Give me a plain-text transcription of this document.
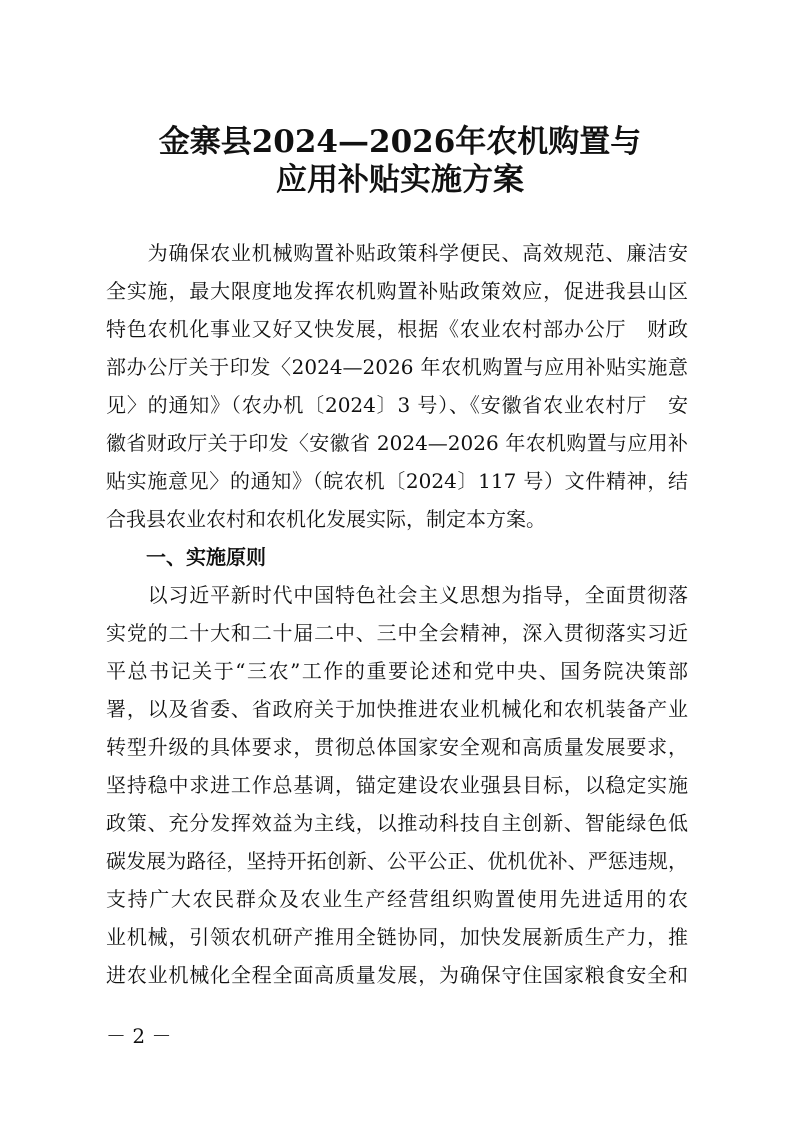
金寨县2024—2026年农机购置与
应用补贴实施方案
　　为确保农业机械购置补贴政策科学便民、高效规范、廉洁安
全实施，最大限度地发挥农机购置补贴政策效应，促进我县山区
特色农机化事业又好又快发展，根据《农业农村部办公厅　财政
部办公厅关于印发〈2024—2026 年农机购置与应用补贴实施意
见〉的通知》（农办机〔2024〕3 号）、《安徽省农业农村厅　安
徽省财政厅关于印发〈安徽省 2024—2026 年农机购置与应用补
贴实施意见〉的通知》（皖农机〔2024〕117 号）文件精神，结
合我县农业农村和农机化发展实际，制定本方案。
　　一、实施原则
　　以习近平新时代中国特色社会主义思想为指导，全面贯彻落
实党的二十大和二十届二中、三中全会精神，深入贯彻落实习近
平总书记关于“三农”工作的重要论述和党中央、国务院决策部
署，以及省委、省政府关于加快推进农业机械化和农机装备产业
转型升级的具体要求，贯彻总体国家安全观和高质量发展要求，
坚持稳中求进工作总基调，锚定建设农业强县目标，以稳定实施
政策、充分发挥效益为主线，以推动科技自主创新、智能绿色低
碳发展为路径，坚持开拓创新、公平公正、优机优补、严惩违规，
支持广大农民群众及农业生产经营组织购置使用先进适用的农
业机械，引领农机研产推用全链协同，加快发展新质生产力，推
进农业机械化全程全面高质量发展，为确保守住国家粮食安全和
－ 2 －
